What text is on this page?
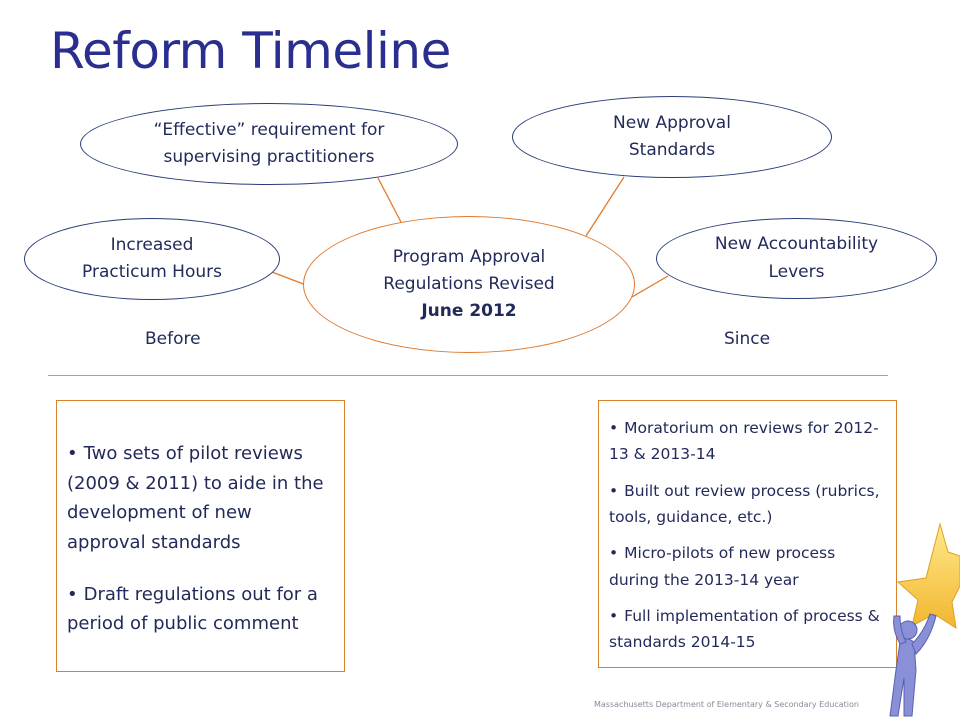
Reform Timeline
“Effective” requirement for
supervising practitioners
New Approval
Standards
Increased
Practicum Hours
New Accountability
Levers
Program Approval
Regulations Revised
June 2012
Before	Since
• Two sets of pilot reviews (2009 & 2011) to aide in the development of new approval standards
• Draft regulations out for a period of public comment
• Moratorium on reviews for 2012-13 & 2013-14
• Built out review process (rubrics, tools, guidance, etc.)
• Micro-pilots of new process during the 2013-14 year
• Full implementation of process & standards 2014-15
Massachusetts Department of Elementary & Secondary Education
